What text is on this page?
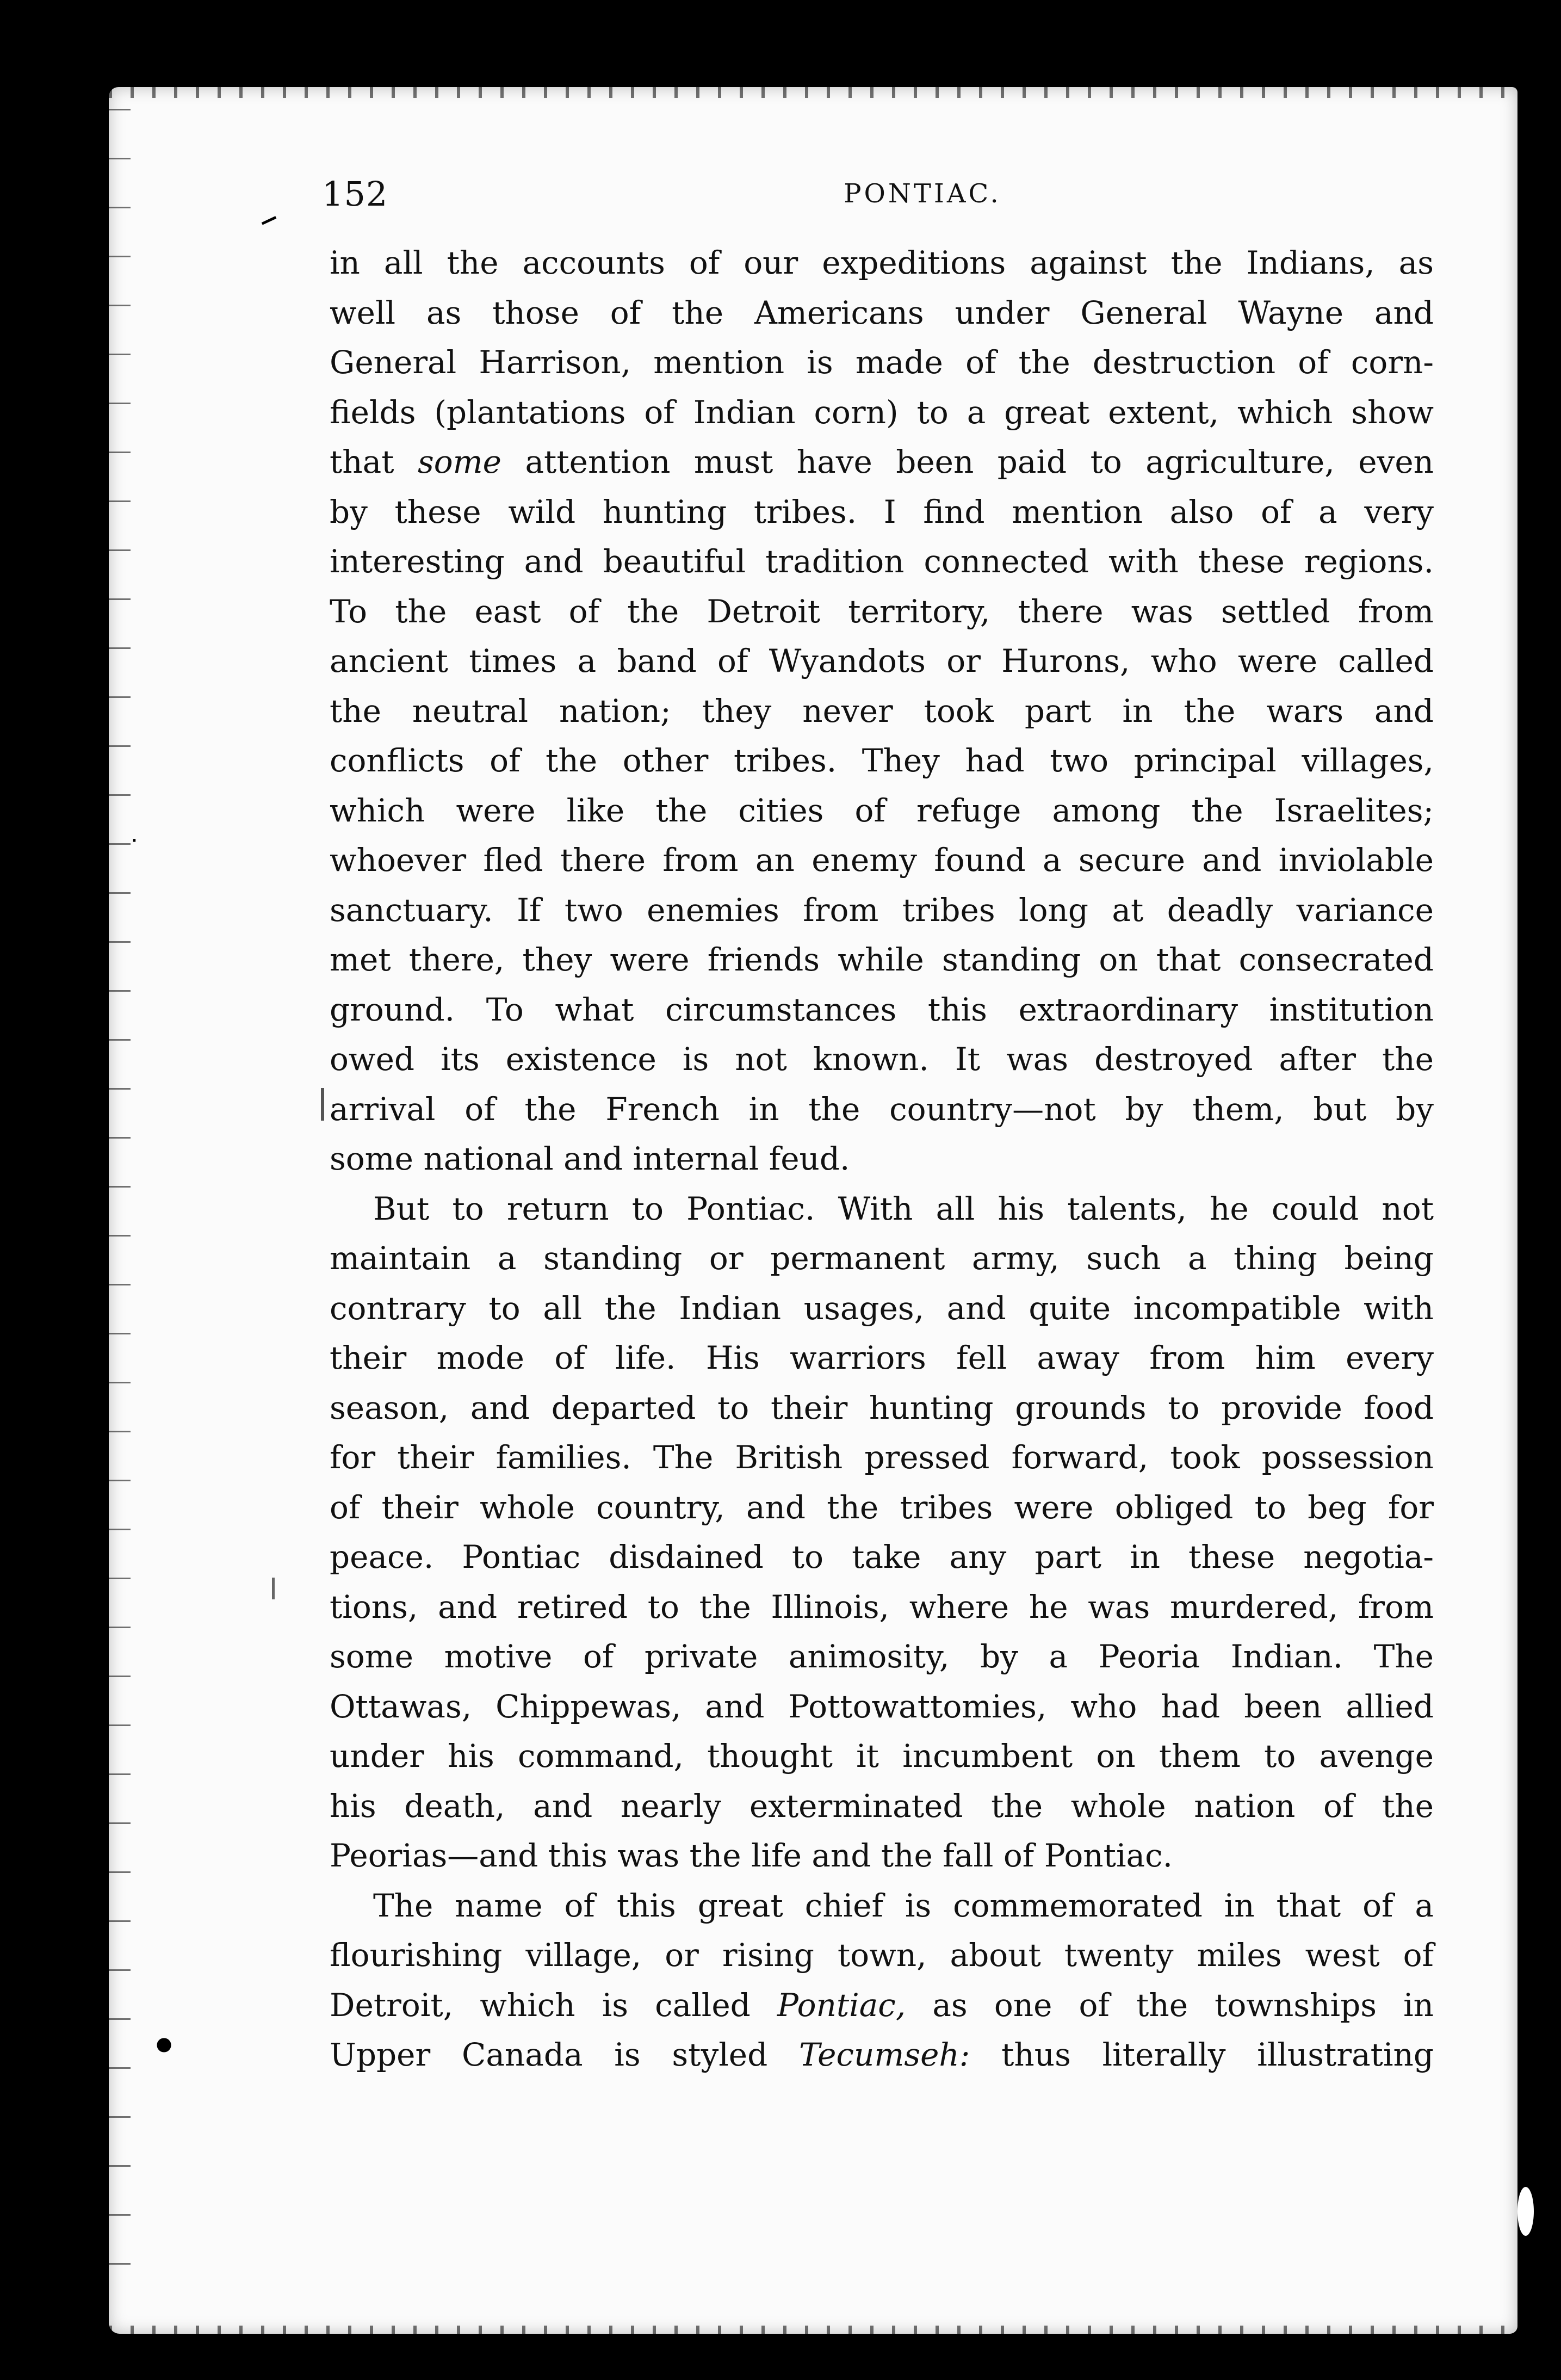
–
·
•
152	PONTIAC.

in all the accounts of our expeditions against the Indians, as

well as those of the Americans under General Wayne and

General Harrison, mention is made of the destruction of corn-

fields (plantations of Indian corn) to a great extent, which show

that some attention must have been paid to agriculture, even

by these wild hunting tribes. I find mention also of a very

interesting and beautiful tradition connected with these regions.

To the east of the Detroit territory, there was settled from

ancient times a band of Wyandots or Hurons, who were called

the neutral nation; they never took part in the wars and

conflicts of the other tribes. They had two principal villages,

which were like the cities of refuge among the Israelites;

whoever fled there from an enemy found a secure and inviolable

sanctuary. If two enemies from tribes long at deadly variance

met there, they were friends while standing on that consecrated

ground. To what circumstances this extraordinary institution

owed its existence is not known. It was destroyed after the

arrival of the French in the country—not by them, but by

some national and internal feud.

But to return to Pontiac. With all his talents, he could not

maintain a standing or permanent army, such a thing being

contrary to all the Indian usages, and quite incompatible with

their mode of life. His warriors fell away from him every

season, and departed to their hunting grounds to provide food

for their families. The British pressed forward, took possession

of their whole country, and the tribes were obliged to beg for

peace. Pontiac disdained to take any part in these negotia-

tions, and retired to the Illinois, where he was murdered, from

some motive of private animosity, by a Peoria Indian. The

Ottawas, Chippewas, and Pottowattomies, who had been allied

under his command, thought it incumbent on them to avenge

his death, and nearly exterminated the whole nation of the

Peorias—and this was the life and the fall of Pontiac.

The name of this great chief is commemorated in that of a

flourishing village, or rising town, about twenty miles west of

Detroit, which is called Pontiac, as one of the townships in

Upper Canada is styled Tecumseh: thus literally illustrating
